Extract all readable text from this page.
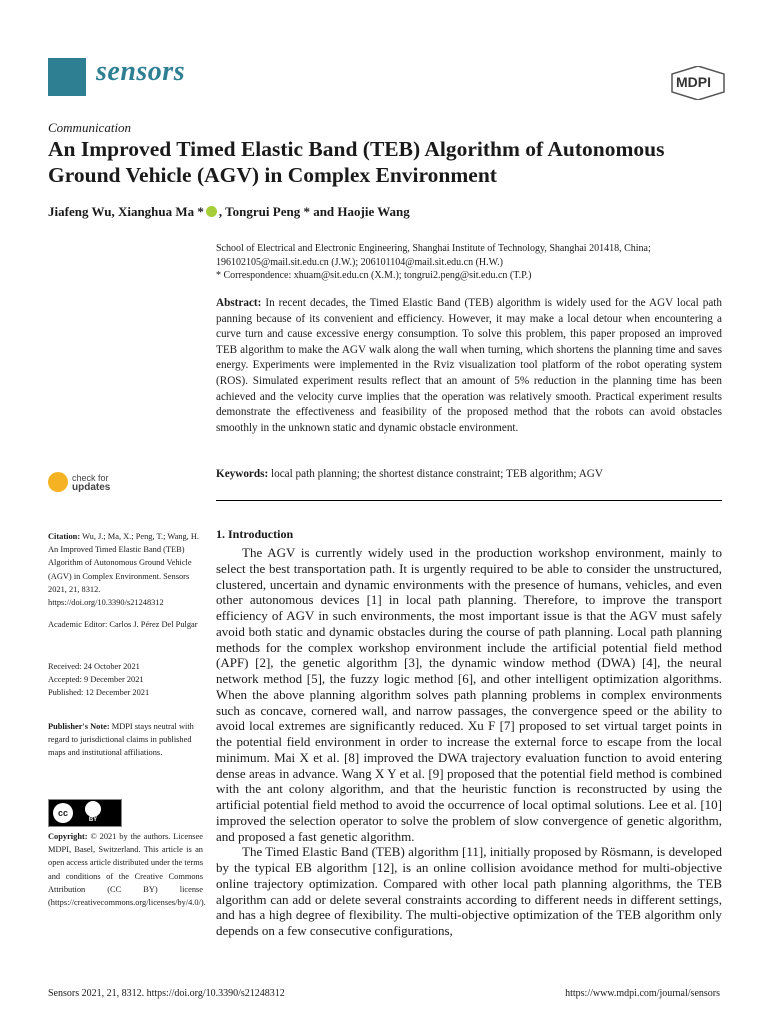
sensors	MDPI
Communication
An Improved Timed Elastic Band (TEB) Algorithm of Autonomous Ground Vehicle (AGV) in Complex Environment
Jiafeng Wu, Xianghua Ma * , Tongrui Peng * and Haojie Wang
School of Electrical and Electronic Engineering, Shanghai Institute of Technology, Shanghai 201418, China;
196102105@mail.sit.edu.cn (J.W.); 206101104@mail.sit.edu.cn (H.W.)
* Correspondence: xhuam@sit.edu.cn (X.M.); tongrui2.peng@sit.edu.cn (T.P.)
Abstract: In recent decades, the Timed Elastic Band (TEB) algorithm is widely used for the AGV local path panning because of its convenient and efficiency. However, it may make a local detour when encountering a curve turn and cause excessive energy consumption. To solve this problem, this paper proposed an improved TEB algorithm to make the AGV walk along the wall when turning, which shortens the planning time and saves energy. Experiments were implemented in the Rviz visualization tool platform of the robot operating system (ROS). Simulated experiment results reflect that an amount of 5% reduction in the planning time has been achieved and the velocity curve implies that the operation was relatively smooth. Practical experiment results demonstrate the effectiveness and feasibility of the proposed method that the robots can avoid obstacles smoothly in the unknown static and dynamic obstacle environment.
Keywords: local path planning; the shortest distance constraint; TEB algorithm; AGV
check for
updates
Citation: Wu, J.; Ma, X.; Peng, T.; Wang, H. An Improved Timed Elastic Band (TEB) Algorithm of Autonomous Ground Vehicle (AGV) in Complex Environment. Sensors 2021, 21, 8312. https://doi.org/10.3390/s21248312
Academic Editor: Carlos J. Pérez Del Pulgar
Received: 24 October 2021
Accepted: 9 December 2021
Published: 12 December 2021
Publisher's Note: MDPI stays neutral with regard to jurisdictional claims in published maps and institutional affiliations.
cc
BY
Copyright: © 2021 by the authors. Licensee MDPI, Basel, Switzerland. This article is an open access article distributed under the terms and conditions of the Creative Commons Attribution (CC BY) license (https://creativecommons.org/licenses/by/4.0/).
1. Introduction

The AGV is currently widely used in the production workshop environment, mainly to select the best transportation path. It is urgently required to be able to consider the unstructured, clustered, uncertain and dynamic environments with the presence of humans, vehicles, and even other autonomous devices [1] in local path planning. Therefore, to improve the transport efficiency of AGV in such environments, the most important issue is that the AGV must safely avoid both static and dynamic obstacles during the course of path planning. Local path planning methods for the complex workshop environment include the artificial potential field method (APF) [2], the genetic algorithm [3], the dynamic window method (DWA) [4], the neural network method [5], the fuzzy logic method [6], and other intelligent optimization algorithms. When the above planning algorithm solves path planning problems in complex environments such as concave, cornered wall, and narrow passages, the convergence speed or the ability to avoid local extremes are significantly reduced. Xu F [7] proposed to set virtual target points in the potential field environment in order to increase the external force to escape from the local minimum. Mai X et al. [8] improved the DWA trajectory evaluation function to avoid entering dense areas in advance. Wang X Y et al. [9] proposed that the potential field method is combined with the ant colony algorithm, and that the heuristic function is reconstructed by using the artificial potential field method to avoid the occurrence of local optimal solutions. Lee et al. [10] improved the selection operator to solve the problem of slow convergence of genetic algorithm, and proposed a fast genetic algorithm.

The Timed Elastic Band (TEB) algorithm [11], initially proposed by Rösmann, is developed by the typical EB algorithm [12], is an online collision avoidance method for multi-objective online trajectory optimization. Compared with other local path planning algorithms, the TEB algorithm can add or delete several constraints according to different needs in different settings, and has a high degree of flexibility. The multi-objective optimization of the TEB algorithm only depends on a few consecutive configurations,

Sensors 2021, 21, 8312. https://doi.org/10.3390/s21248312	https://www.mdpi.com/journal/sensors
